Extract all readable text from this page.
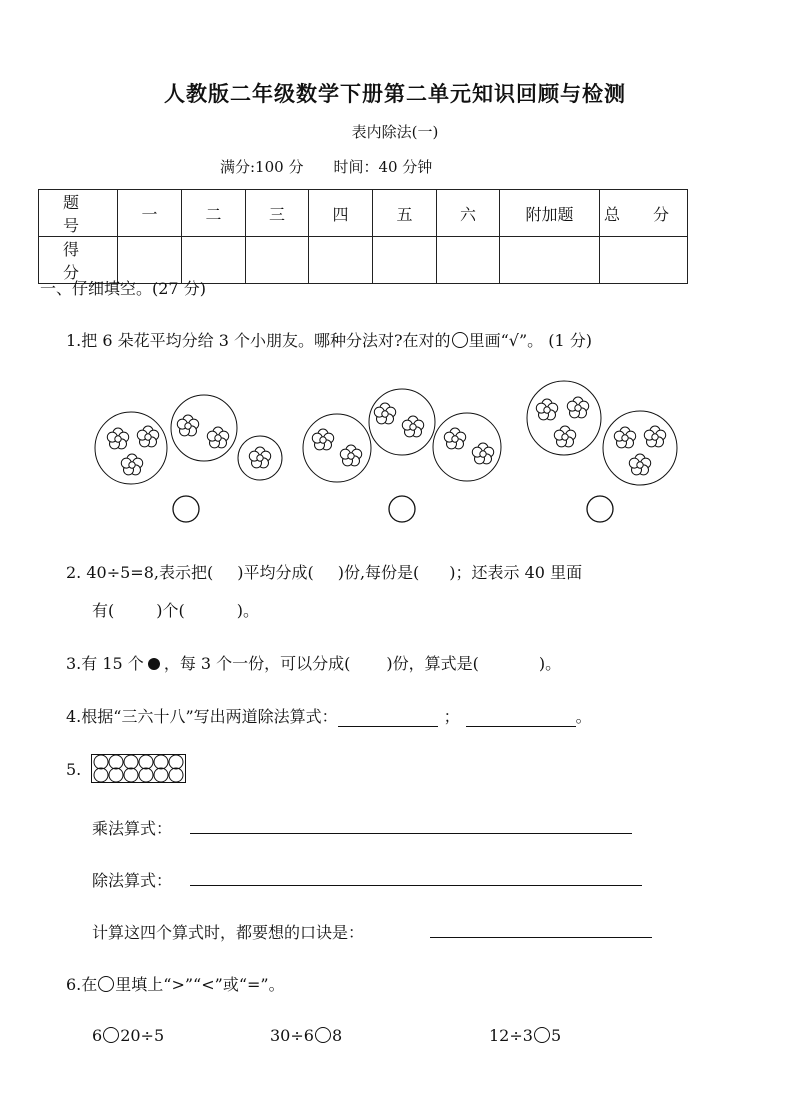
人教版二年级数学下册第二单元知识回顾与检测
表内除法(一)
满分:100 分 时间：40 分钟
题 号	一	二	三	四	五	六	附加题	总 分
得 分								
一、仔细填空。(27 分)
1.把 6 朵花平均分给 3 个小朋友。哪种分法对?在对的 里画“√”。 (1 分)
2. 40÷5=8,表示把( )平均分成( )份,每份是( )；还表示 40 里面
有(	)个(	)。
3.有 15 个 ，每 3 个一份，可以分成( )份，算式是(	)。
4.根据“三六十八”写出两道除法算式：	；	。
5.
乘法算式：
除法算式：
计算这四个算式时，都要想的口诀是：
6.在 里填上“>”“<”或“=”。
6 20÷5	30÷6 8	12÷3 5
